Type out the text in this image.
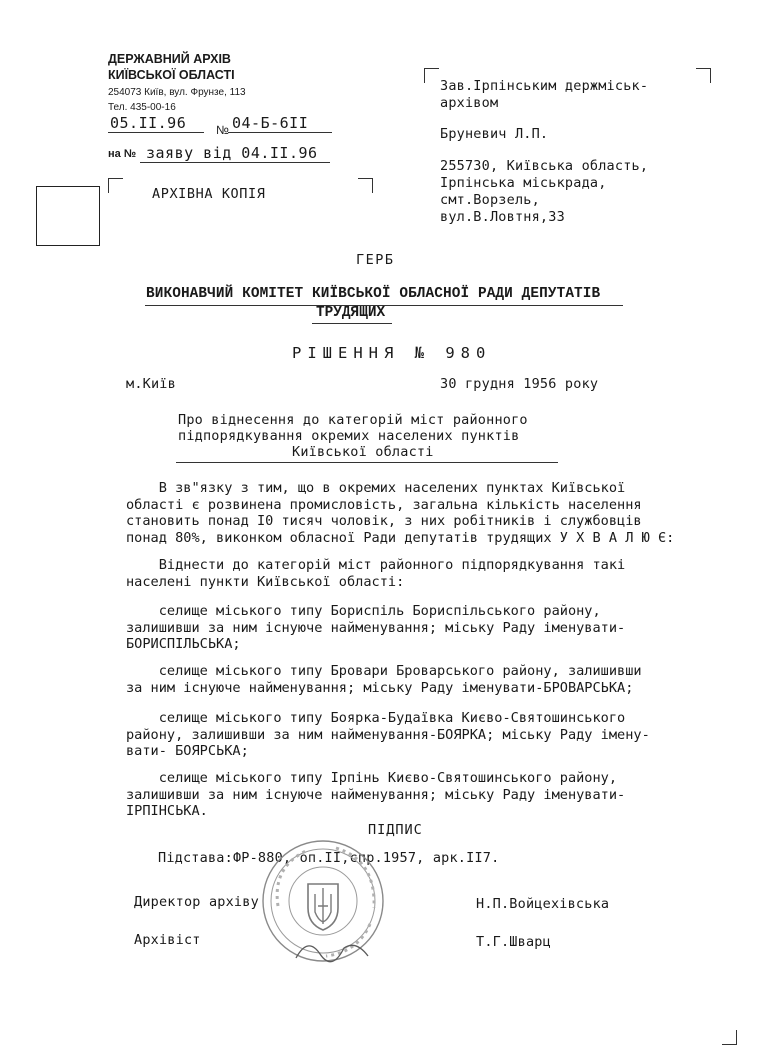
ДЕРЖАВНИЙ АРХІВ
КИЇВСЬКОЇ ОБЛАСТІ
254073 Київ, вул. Фрунзе, 113
Тел. 435-00-16
05.II.96 № 04-Б-6II
на № заяву від 04.II.96
Зав.Ірпінським держміськ-
архівом
Бруневич Л.П.
255730, Київська область,
Ірпінська міськрада,
смт.Ворзель,
вул.В.Ловтня,33
АРХІВНА КОПІЯ
ГЕРБ
ВИКОНАВЧИЙ КОМІТЕТ КИЇВСЬКОЇ ОБЛАСНОЇ РАДИ ДЕПУТАТІВ
ТРУДЯЩИХ
РІШЕННЯ № 980
м.Київ	30 грудня 1956 року
Про віднесення до категорій міст районного
підпорядкування окремих населених пунктів
Київської області
В зв"язку з тим, що в окремих населених пунктах Київської
області є розвинена промисловість, загальна кількість населення
становить понад I0 тисяч чоловік, з них робітників і службовців
понад 80%, виконком обласної Ради депутатів трудящих У Х В А Л Ю Є:
Віднести до категорій міст районного підпорядкування такі
населені пункти Київської області:
селище міського типу Бориспіль Бориспільського району,
залишивши за ним існуюче найменування; міську Раду іменувати-
БОРИСПІЛЬСЬКА;
селище міського типу Бровари Броварського району, залишивши
за ним існуюче найменування; міську Раду іменувати-БРОВАРСЬКА;
селище міського типу Боярка-Будаївка Києво-Святошинського
району, залишивши за ним найменування-БОЯРКА; міську Раду імену-
вати- БОЯРСЬКА;
селище міського типу Ірпінь Києво-Святошинського району,
залишивши за ним існуюче найменування; міську Раду іменувати-
ІРПІНСЬКА.
ПІДПИС
Підстава:ФР-880, оп.II,спр.1957, арк.II7.
Директор архіву	Н.П.Войцехівська
Архівіст	Т.Г.Шварц
